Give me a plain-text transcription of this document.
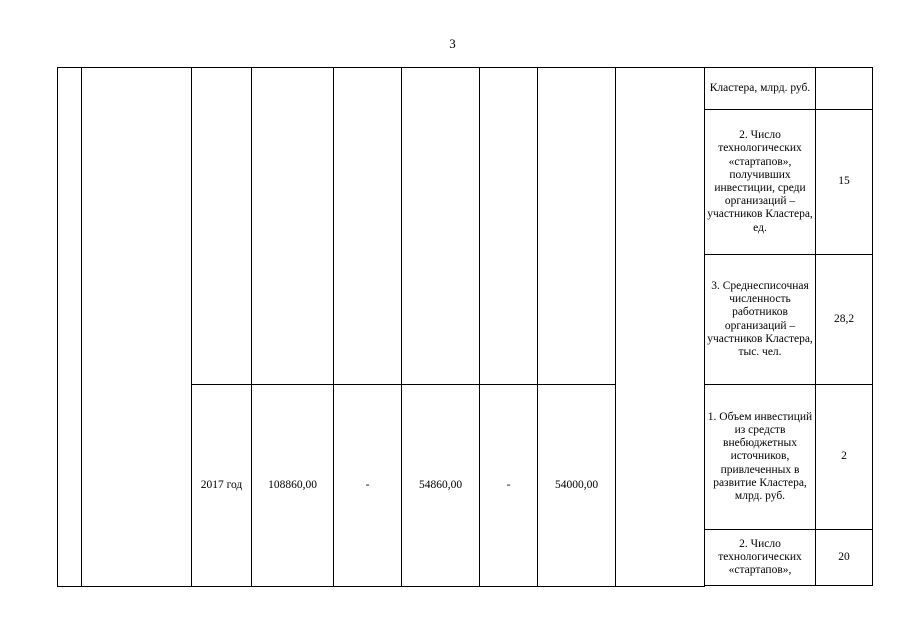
3
									Кластера, млрд. руб.	
									2. Число технологических «стартапов», получивших инвестиции, среди организаций – участников Кластера, ед.	15
									3. Среднесписочная численность работников организаций – участников Кластера, тыс. чел.	28,2
		2017 год	108860,00	-	54860,00	-	54000,00		1. Объем инвестиций из средств внебюджетных источников, привлеченных в развитие Кластера, млрд. руб.	2
									2. Число технологических «стартапов»,	20
